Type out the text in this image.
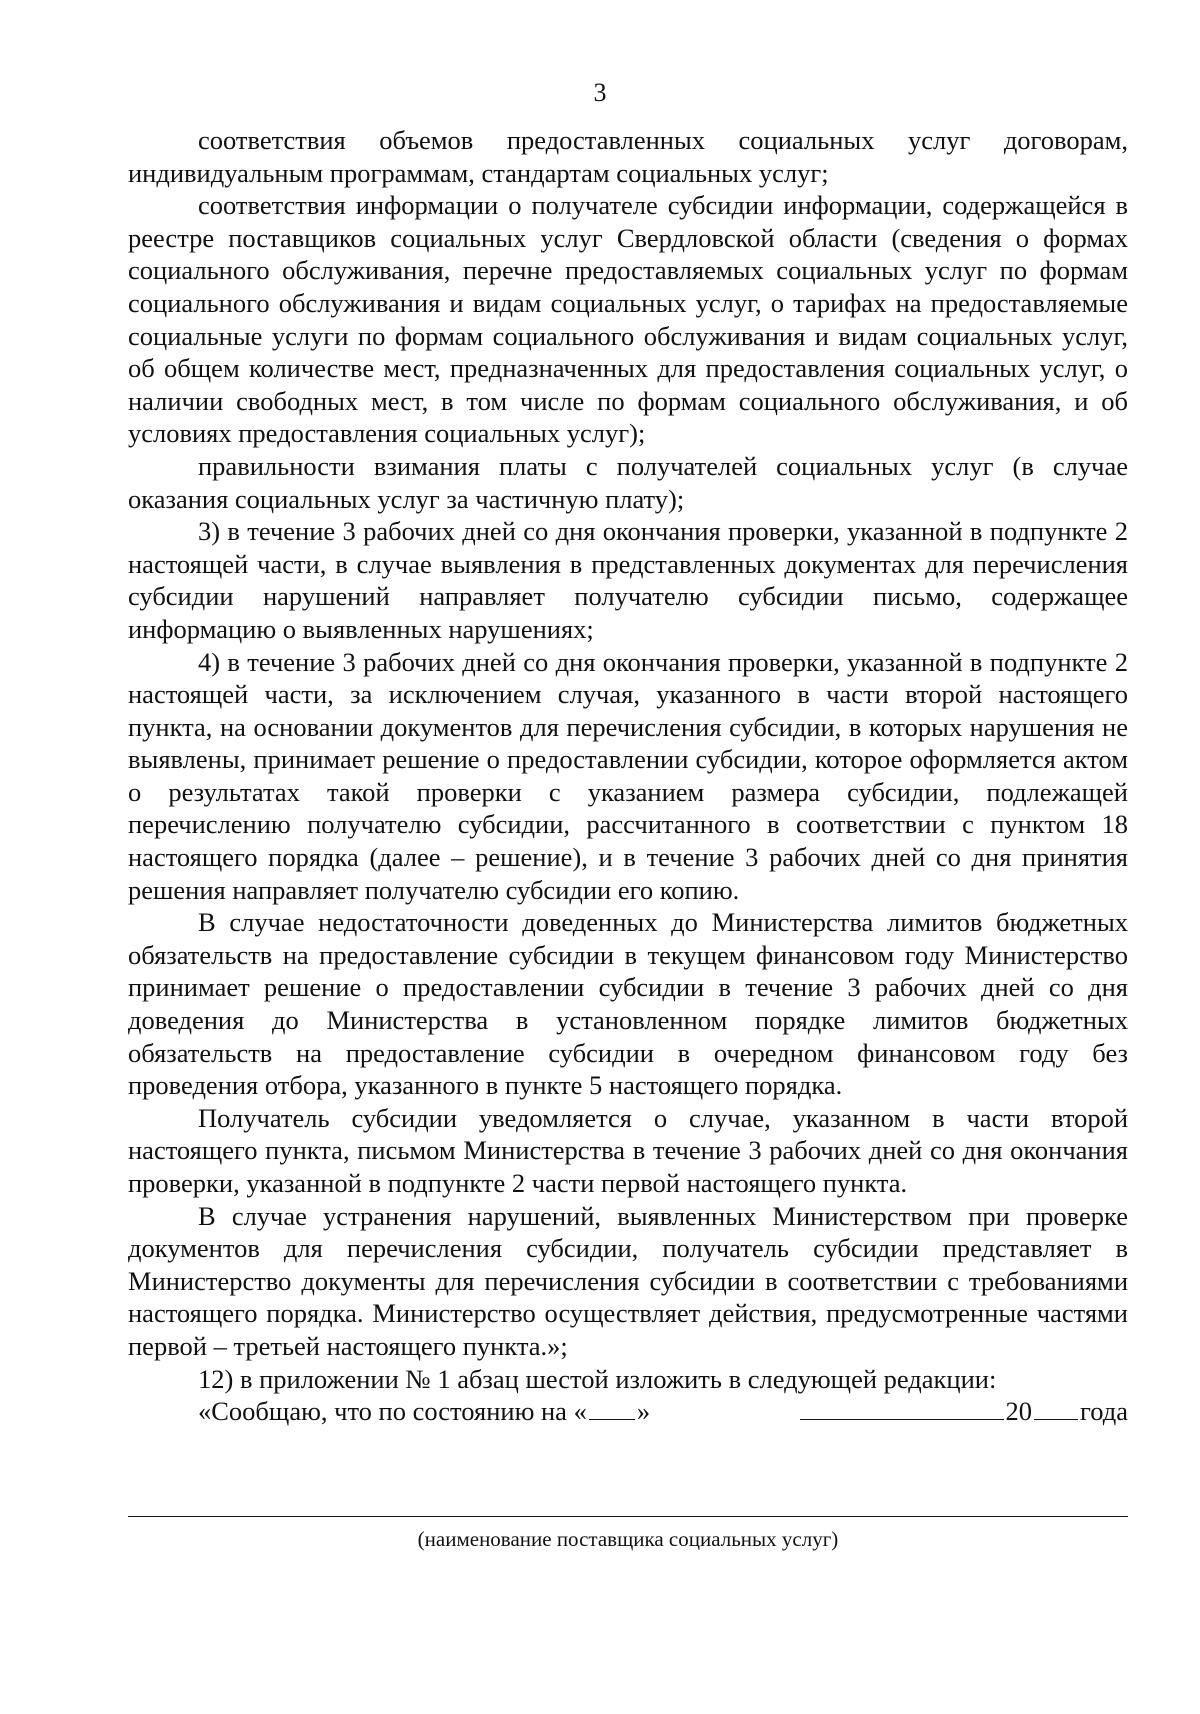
3

соответствия объемов предоставленных социальных услуг договорам, индивидуальным программам, стандартам социальных услуг;

соответствия информации о получателе субсидии информации, содержащейся в реестре поставщиков социальных услуг Свердловской области (сведения о формах социального обслуживания, перечне предоставляемых социальных услуг по формам социального обслуживания и видам социальных услуг, о тарифах на предоставляемые социальные услуги по формам социального обслуживания и видам социальных услуг, об общем количестве мест, предназначенных для предоставления социальных услуг, о наличии свободных мест, в том числе по формам социального обслуживания, и об условиях предоставления социальных услуг);

правильности взимания платы с получателей социальных услуг (в случае оказания социальных услуг за частичную плату);

3) в течение 3 рабочих дней со дня окончания проверки, указанной в подпункте 2 настоящей части, в случае выявления в представленных документах для перечисления субсидии нарушений направляет получателю субсидии письмо, содержащее информацию о выявленных нарушениях;

4) в течение 3 рабочих дней со дня окончания проверки, указанной в подпункте 2 настоящей части, за исключением случая, указанного в части второй настоящего пункта, на основании документов для перечисления субсидии, в которых нарушения не выявлены, принимает решение о предоставлении субсидии, которое оформляется актом о результатах такой проверки с указанием размера субсидии, подлежащей перечислению получателю субсидии, рассчитанного в соответствии с пунктом 18 настоящего порядка (далее – решение), и в течение 3 рабочих дней со дня принятия решения направляет получателю субсидии его копию.

В случае недостаточности доведенных до Министерства лимитов бюджетных обязательств на предоставление субсидии в текущем финансовом году Министерство принимает решение о предоставлении субсидии в течение 3 рабочих дней со дня доведения до Министерства в установленном порядке лимитов бюджетных обязательств на предоставление субсидии в очередном финансовом году без проведения отбора, указанного в пункте 5 настоящего порядка.

Получатель субсидии уведомляется о случае, указанном в части второй настоящего пункта, письмом Министерства в течение 3 рабочих дней со дня окончания проверки, указанной в подпункте 2 части первой настоящего пункта.

В случае устранения нарушений, выявленных Министерством при проверке документов для перечисления субсидии, получатель субсидии представляет в Министерство документы для перечисления субсидии в соответствии с требованиями настоящего порядка. Министерство осуществляет действия, предусмотренные частями первой – третьей настоящего пункта.»;

12) в приложении № 1 абзац шестой изложить в следующей редакции:

«Сообщаю, что по состоянию на « »	20 года

(наименование поставщика социальных услуг)
